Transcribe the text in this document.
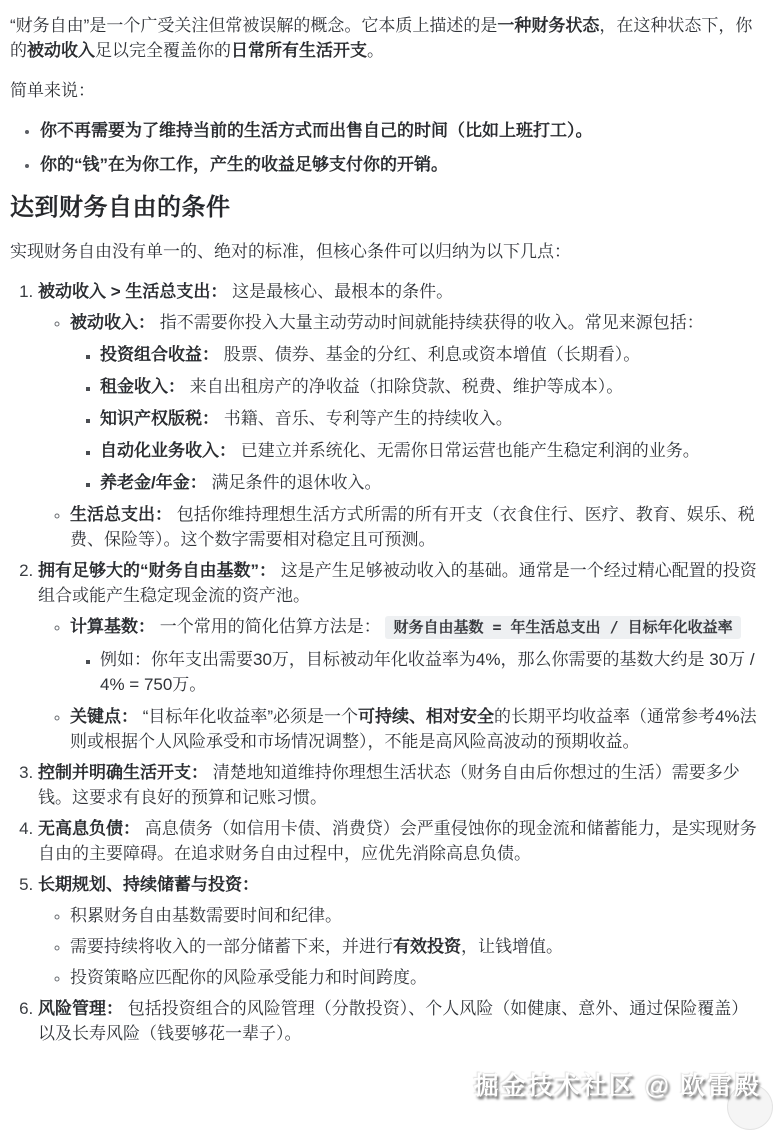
“财务自由”是一个广受关注但常被误解的概念。它本质上描述的是一种财务状态，在这种状态下，你的被动收入足以完全覆盖你的日常所有生活开支。

简单来说：

• 你不再需要为了维持当前的生活方式而出售自己的时间（比如上班打工）。
• 你的“钱”在为你工作，产生的收益足够支付你的开销。
达到财务自由的条件

实现财务自由没有单一的、绝对的标准，但核心条件可以归纳为以下几点：

1. 被动收入 > 生活总支出： 这是最核心、最根本的条件。
◦ 被动收入： 指不需要你投入大量主动劳动时间就能持续获得的收入。常见来源包括：
▪ 投资组合收益： 股票、债券、基金的分红、利息或资本增值（长期看）。
▪ 租金收入： 来自出租房产的净收益（扣除贷款、税费、维护等成本）。
▪ 知识产权版税： 书籍、音乐、专利等产生的持续收入。
▪ 自动化业务收入： 已建立并系统化、无需你日常运营也能产生稳定利润的业务。
▪ 养老金/年金： 满足条件的退休收入。
◦ 生活总支出： 包括你维持理想生活方式所需的所有开支（衣食住行、医疗、教育、娱乐、税费、保险等）。这个数字需要相对稳定且可预测。
2. 拥有足够大的“财务自由基数”： 这是产生足够被动收入的基础。通常是一个经过精心配置的投资组合或能产生稳定现金流的资产池。
◦ 计算基数： 一个常用的简化估算方法是： 财务自由基数 = 年生活总支出 / 目标年化收益率
▪ 例如：你年支出需要30万，目标被动年化收益率为4%，那么你需要的基数大约是 30万 / 4% = 750万。
◦ 关键点： “目标年化收益率”必须是一个可持续、相对安全的长期平均收益率（通常参考4%法则或根据个人风险承受和市场情况调整），不能是高风险高波动的预期收益。
3. 控制并明确生活开支： 清楚地知道维持你理想生活状态（财务自由后你想过的生活）需要多少钱。这要求有良好的预算和记账习惯。
4. 无高息负债： 高息债务（如信用卡债、消费贷）会严重侵蚀你的现金流和储蓄能力，是实现财务自由的主要障碍。在追求财务自由过程中，应优先消除高息负债。
5. 长期规划、持续储蓄与投资：
◦ 积累财务自由基数需要时间和纪律。
◦ 需要持续将收入的一部分储蓄下来，并进行有效投资，让钱增值。
◦ 投资策略应匹配你的风险承受能力和时间跨度。
6. 风险管理： 包括投资组合的风险管理（分散投资）、个人风险（如健康、意外、通过保险覆盖）以及长寿风险（钱要够花一辈子）。
掘金技术社区 @ 欧雷殿
